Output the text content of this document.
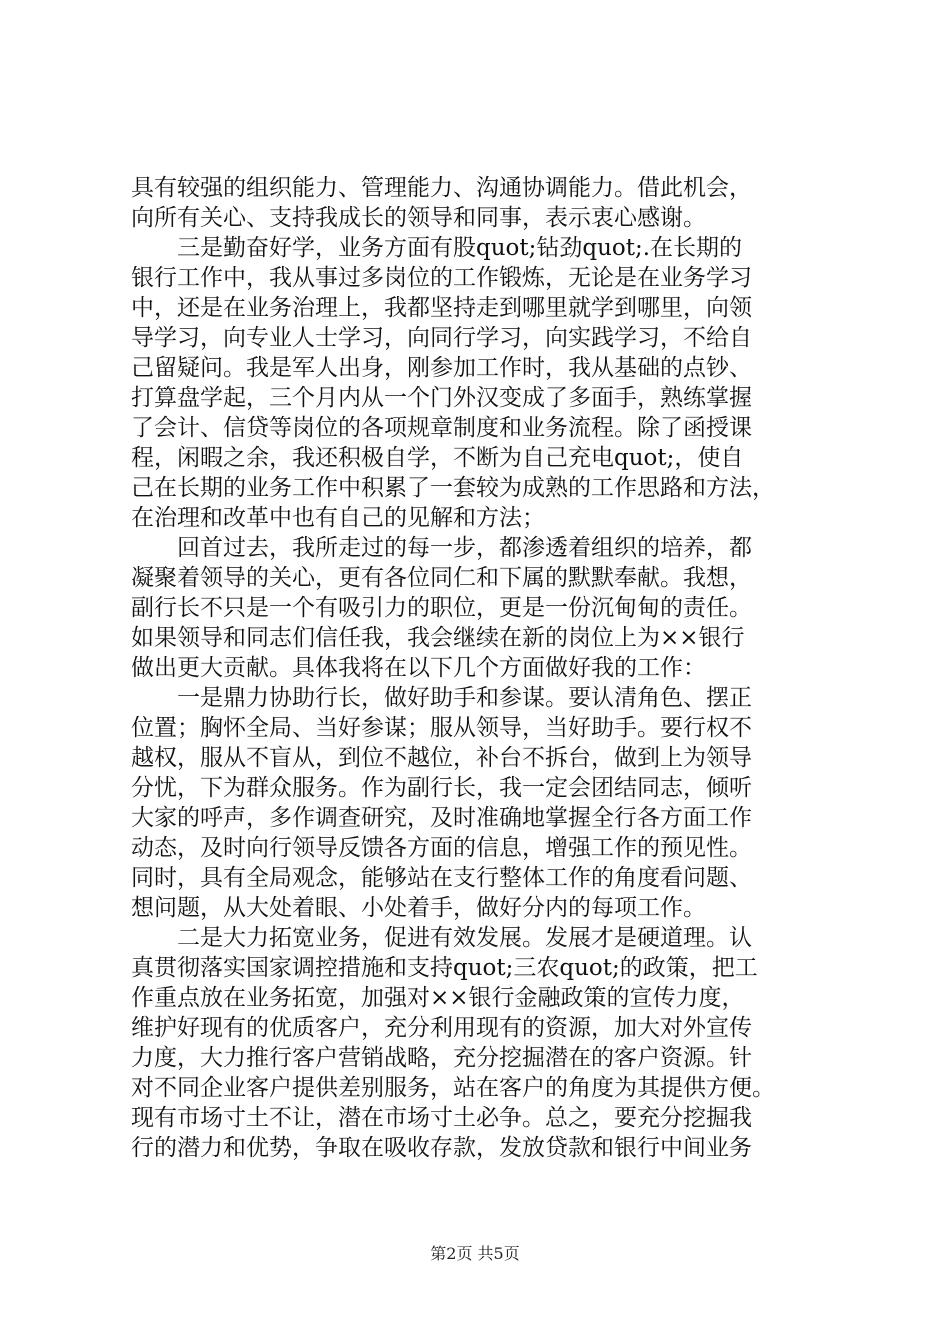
具有较强的组织能力、管理能力、沟通协调能力。借此机会，
向所有关心、支持我成长的领导和同事，表示衷心感谢。
三是勤奋好学，业务方面有股quot;钻劲quot;.在长期的
银行工作中，我从事过多岗位的工作锻炼，无论是在业务学习
中，还是在业务治理上，我都坚持走到哪里就学到哪里，向领
导学习，向专业人士学习，向同行学习，向实践学习，不给自
己留疑问。我是军人出身，刚参加工作时，我从基础的点钞、
打算盘学起，三个月内从一个门外汉变成了多面手，熟练掌握
了会计、信贷等岗位的各项规章制度和业务流程。除了函授课
程，闲暇之余，我还积极自学，不断为自己充电quot;，使自
己在长期的业务工作中积累了一套较为成熟的工作思路和方法，
在治理和改革中也有自己的见解和方法；
回首过去，我所走过的每一步，都渗透着组织的培养，都
凝聚着领导的关心，更有各位同仁和下属的默默奉献。我想，
副行长不只是一个有吸引力的职位，更是一份沉甸甸的责任。
如果领导和同志们信任我，我会继续在新的岗位上为××银行
做出更大贡献。具体我将在以下几个方面做好我的工作：
一是鼎力协助行长，做好助手和参谋。要认清角色、摆正
位置；胸怀全局、当好参谋；服从领导，当好助手。要行权不
越权，服从不盲从，到位不越位，补台不拆台，做到上为领导
分忧，下为群众服务。作为副行长，我一定会团结同志，倾听
大家的呼声，多作调查研究，及时准确地掌握全行各方面工作
动态，及时向行领导反馈各方面的信息，增强工作的预见性。
同时，具有全局观念，能够站在支行整体工作的角度看问题、
想问题，从大处着眼、小处着手，做好分内的每项工作。
二是大力拓宽业务，促进有效发展。发展才是硬道理。认
真贯彻落实国家调控措施和支持quot;三农quot;的政策，把工
作重点放在业务拓宽，加强对××银行金融政策的宣传力度，
维护好现有的优质客户，充分利用现有的资源，加大对外宣传
力度，大力推行客户营销战略，充分挖掘潜在的客户资源。针
对不同企业客户提供差别服务，站在客户的角度为其提供方便。
现有市场寸土不让，潜在市场寸土必争。总之，要充分挖掘我
行的潜力和优势，争取在吸收存款，发放贷款和银行中间业务
第2页 共5页
